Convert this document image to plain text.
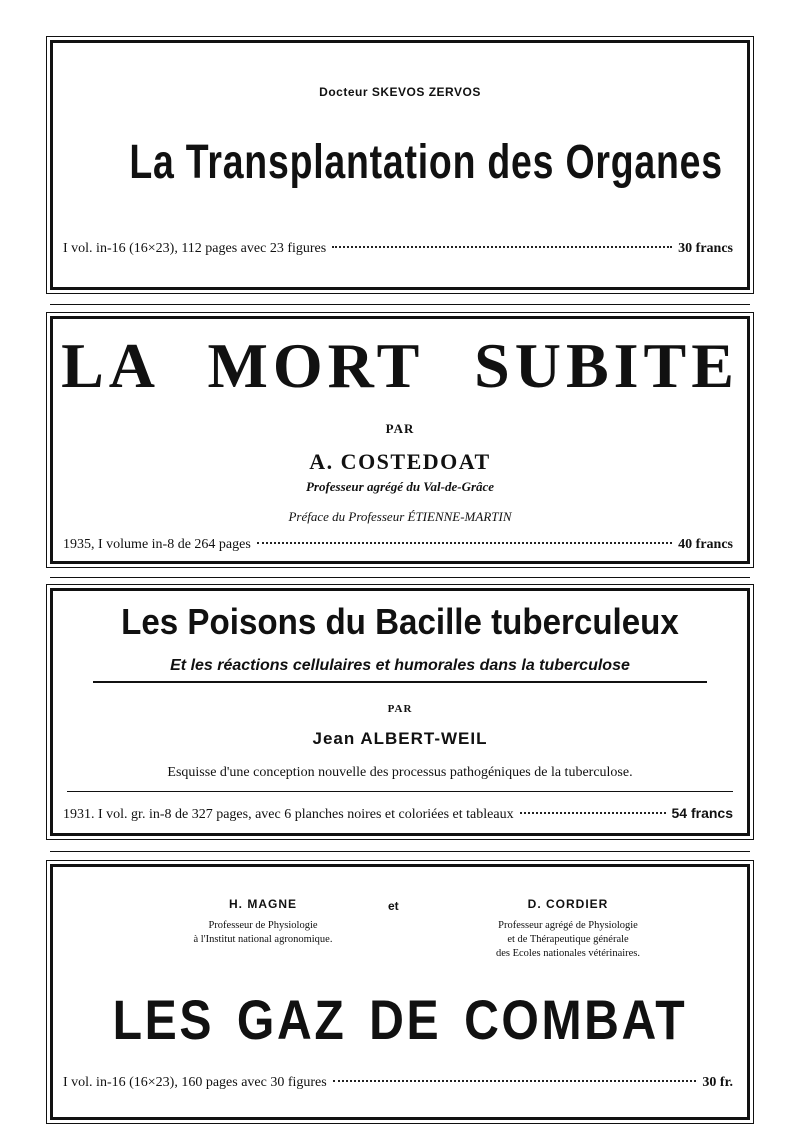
Docteur SKEVOS ZERVOS
La Transplantation des Organes
I vol. in-16 (16×23), 112 pages avec 23 figures	30 francs
LA MORT SUBITE
PAR
A. COSTEDOAT
Professeur agrégé du Val-de-Grâce
Préface du Professeur ÉTIENNE-MARTIN
1935, I volume in-8 de 264 pages	40 francs
Les Poisons du Bacille tuberculeux
Et les réactions cellulaires et humorales dans la tuberculose
PAR
Jean ALBERT-WEIL
Esquisse d'une conception nouvelle des processus pathogéniques de la tuberculose.
1931. I vol. gr. in-8 de 327 pages, avec 6 planches noires et coloriées et tableaux	54 francs
H. MAGNE
Professeur de Physiologie
à l'Institut national agronomique.
et	D. CORDIER
Professeur agrégé de Physiologie
et de Thérapeutique générale
des Ecoles nationales vétérinaires.
LES GAZ DE COMBAT
I vol. in-16 (16×23), 160 pages avec 30 figures	30 fr.
